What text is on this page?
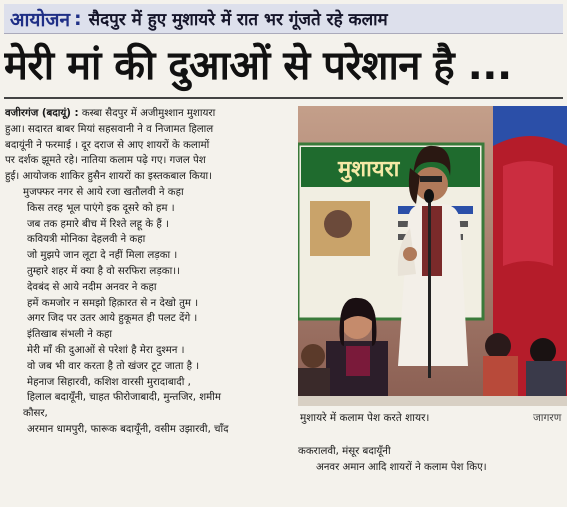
आयोजन : सैदपुर में हुए मुशायरे में रात भर गूंजते रहे कलाम
मेरी मां की दुआओं से परेशान है ...
वजीरगंज (बदायूं) : कस्बा सैदपुर में अजीमुश्शान मुशायरा
हुआ। सदारत बाबर मियां सहसवानी ने व निजामत हिलाल
बदायूंनी ने फरमाई । दूर दराज से आए शायरों के कलामों
पर दर्शक झूमते रहे। नातिया कलाम पढ़े गए। गजल पेश
हुई। आयोजक शाकिर हुसैन शायरों का इस्तकबाल किया।
मुजफ्फर नगर से आये रजा खतौलवी ने कहा
किस तरह भूल पाएंगे इक दूसरे को हम ।
जब तक हमारे बीच में रिश्ते लहू के हैं ।
कवियत्री मोनिका देहलवी ने कहा
जो मुझपे जान लूटा दे नहीं मिला लड़का ।
तुम्हारे शहर में क्या है वो सरफिरा लड़का।।
देवबंद से आये नदीम अनवर ने कहा
हमें कमजोर न समझो हिक़ारत से न देखो तुम ।
अगर जिद पर उतर आये हुकूमत ही पलट देंगे ।
इंतिखाब संभली ने कहा
मेरी माँ की दुआओं से परेशां है मेरा दुश्मन ।
वो जब भी वार करता है तो खंजर टूट जाता है ।
मेहनाज सिहारवी, कशिश वारसी मुरादाबादी ,
हिलाल बदायूँनी, चाहत फीरोजाबादी, मुन्तजिर, शमीम
कौसर,
अरमान धामपुरी, फारूक बदायूँनी, वसीम उझारवी, चाँद
मुशायरा
मुशायरे में कलाम पेश करते शायर।	जागरण
ककरालवी, मंसूर बदायूँनी
अनवर अमान आदि शायरों ने कलाम पेश किए।
